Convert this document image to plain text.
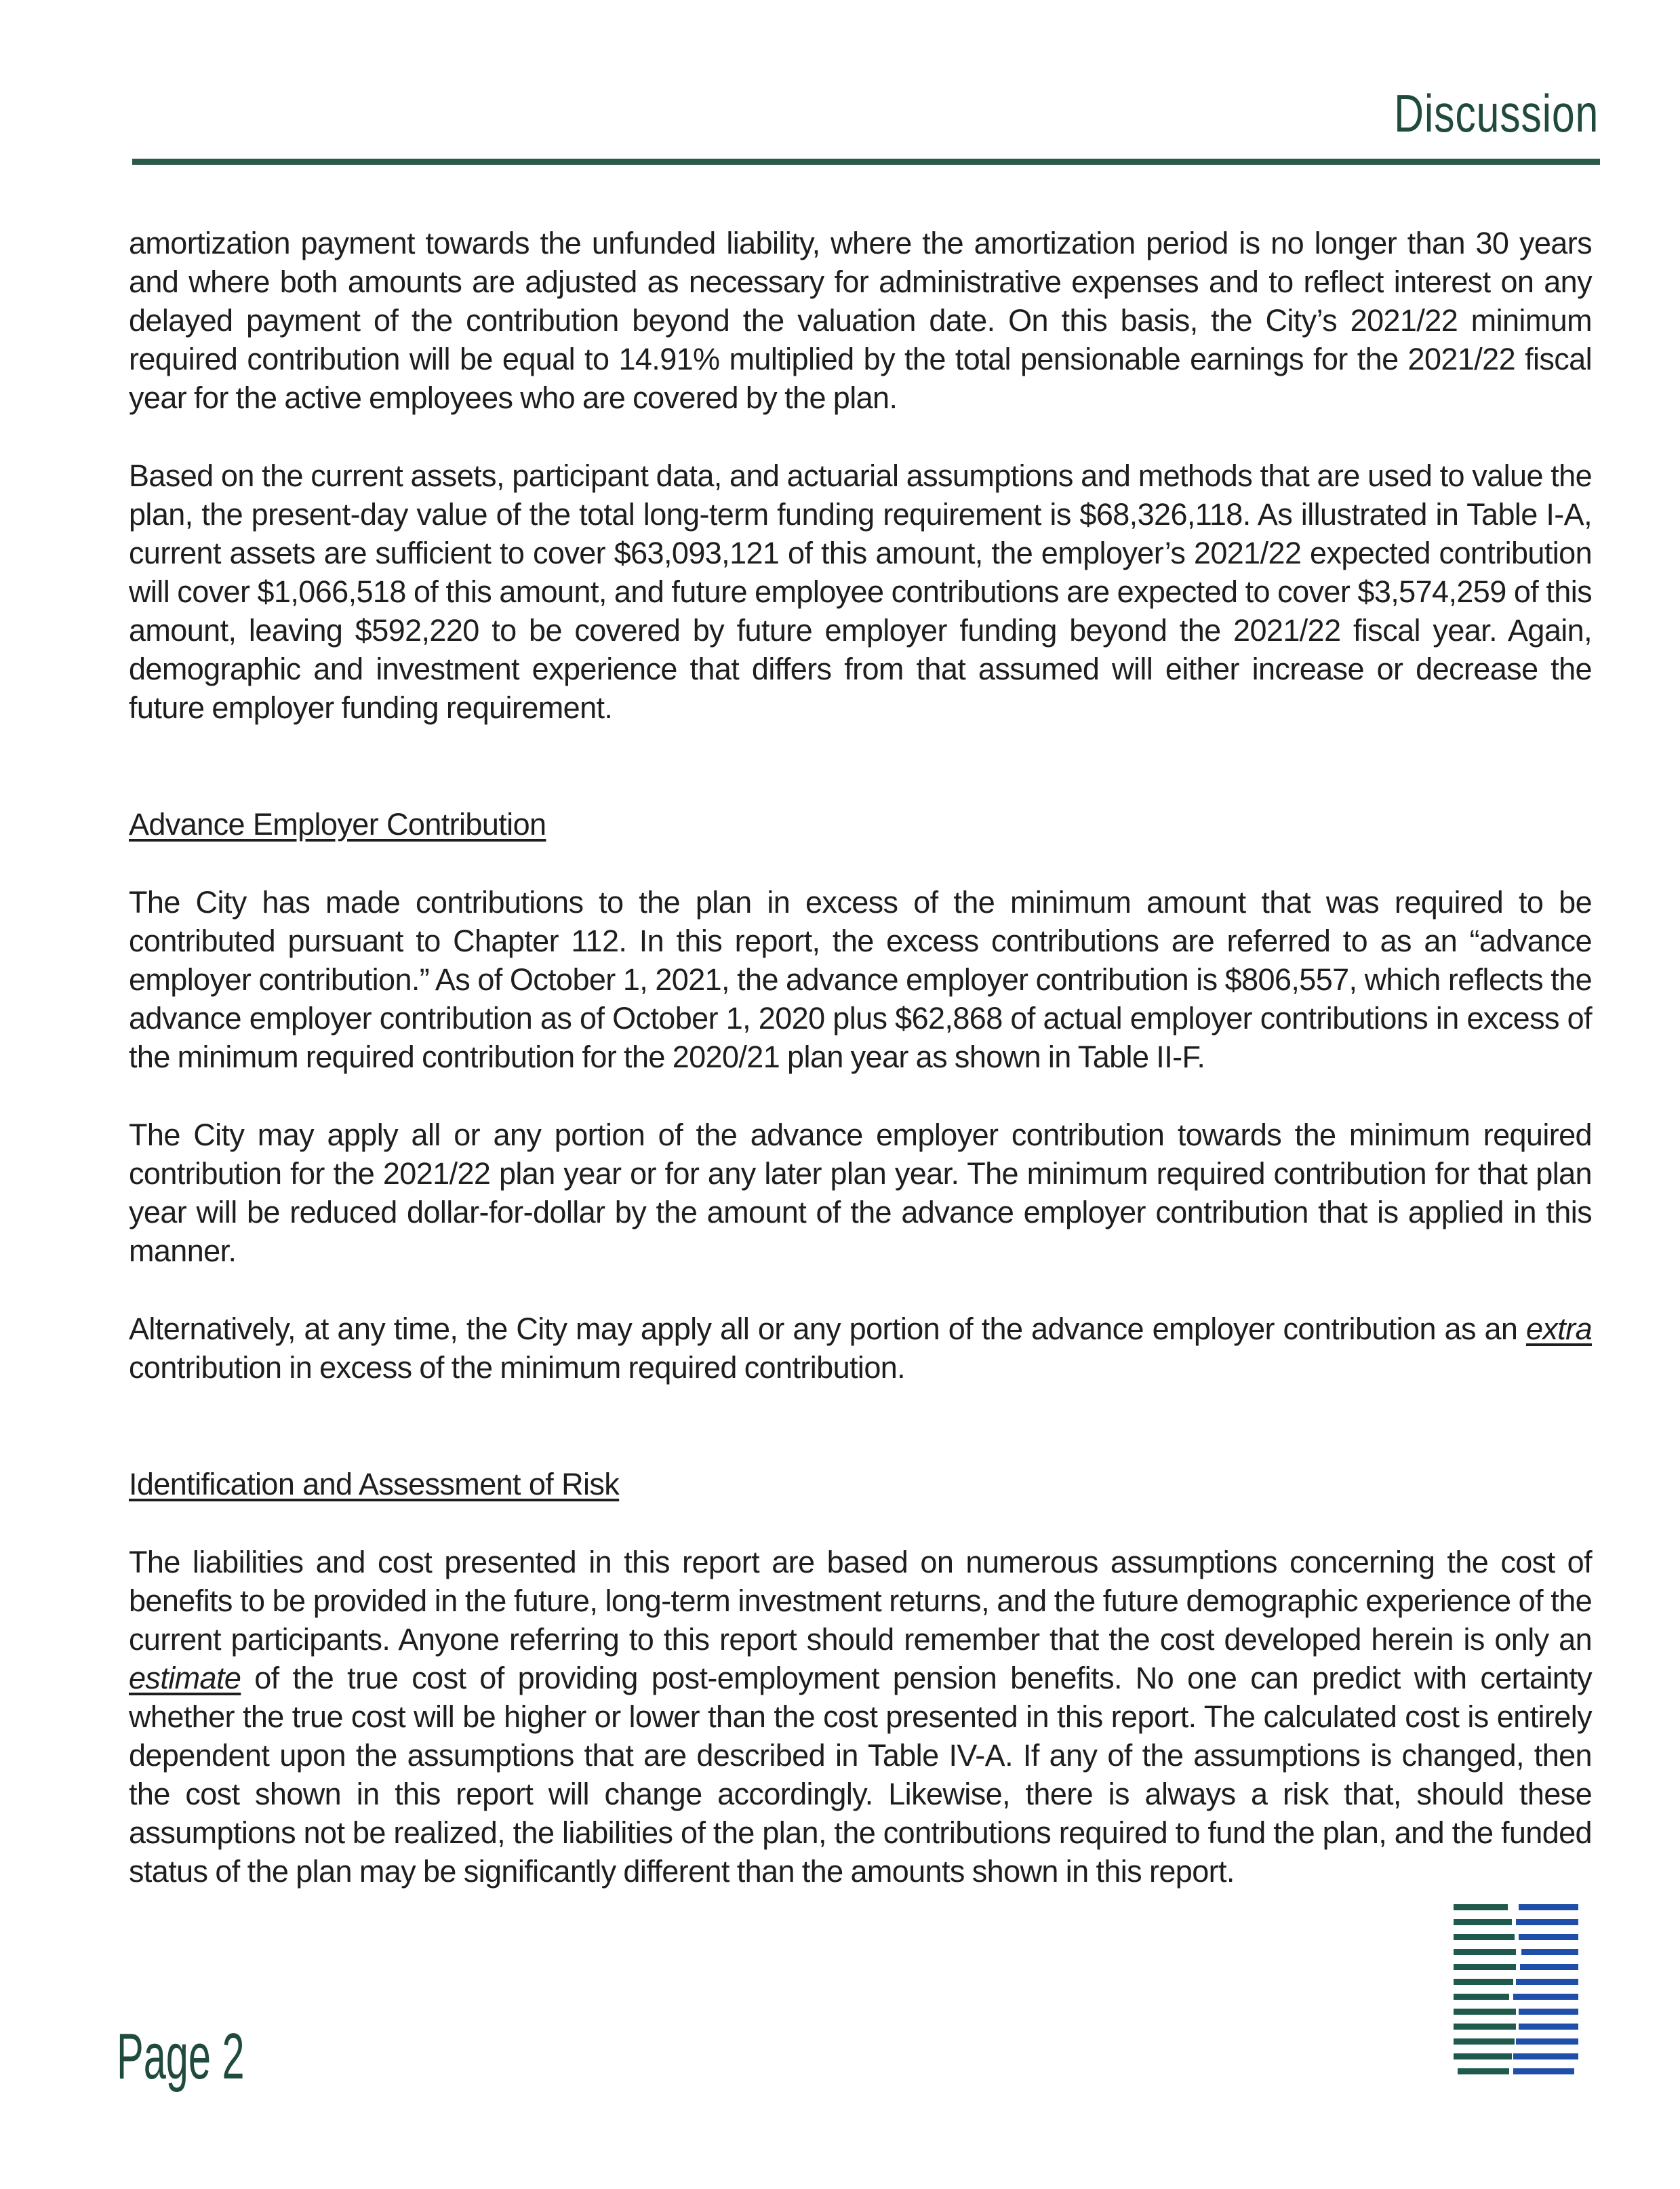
Discussion

amortization payment towards the unfunded liability, where the amortization period is no longer than 30 years and where both amounts are adjusted as necessary for administrative expenses and to reflect interest on any delayed payment of the contribution beyond the valuation date. On this basis, the City’s 2021/22 minimum required contribution will be equal to 14.91% multiplied by the total pensionable earnings for the 2021/22 fiscal year for the active employees who are covered by the plan.

Based on the current assets, participant data, and actuarial assumptions and methods that are used to value the plan, the present-day value of the total long-term funding requirement is $68,326,118. As illustrated in Table I-A, current assets are sufficient to cover $63,093,121 of this amount, the employer’s 2021/22 expected contribution will cover $1,066,518 of this amount, and future employee contributions are expected to cover $3,574,259 of this amount, leaving $592,220 to be covered by future employer funding beyond the 2021/22 fiscal year. Again, demographic and investment experience that differs from that assumed will either increase or decrease the future employer funding requirement.

Advance Employer Contribution

The City has made contributions to the plan in excess of the minimum amount that was required to be contributed pursuant to Chapter 112. In this report, the excess contributions are referred to as an “advance employer contribution.” As of October 1, 2021, the advance employer contribution is $806,557, which reflects the advance employer contribution as of October 1, 2020 plus $62,868 of actual employer contributions in excess of the minimum required contribution for the 2020/21 plan year as shown in Table II-F.

The City may apply all or any portion of the advance employer contribution towards the minimum required contribution for the 2021/22 plan year or for any later plan year. The minimum required contribution for that plan year will be reduced dollar-for-dollar by the amount of the advance employer contribution that is applied in this manner.

Alternatively, at any time, the City may apply all or any portion of the advance employer contribution as an extra contribution in excess of the minimum required contribution.

Identification and Assessment of Risk

The liabilities and cost presented in this report are based on numerous assumptions concerning the cost of benefits to be provided in the future, long-term investment returns, and the future demographic experience of the current participants. Anyone referring to this report should remember that the cost developed herein is only an estimate of the true cost of providing post-employment pension benefits. No one can predict with certainty whether the true cost will be higher or lower than the cost presented in this report. The calculated cost is entirely dependent upon the assumptions that are described in Table IV-A. If any of the assumptions is changed, then the cost shown in this report will change accordingly. Likewise, there is always a risk that, should these assumptions not be realized, the liabilities of the plan, the contributions required to fund the plan, and the funded status of the plan may be significantly different than the amounts shown in this report.

Page 2
